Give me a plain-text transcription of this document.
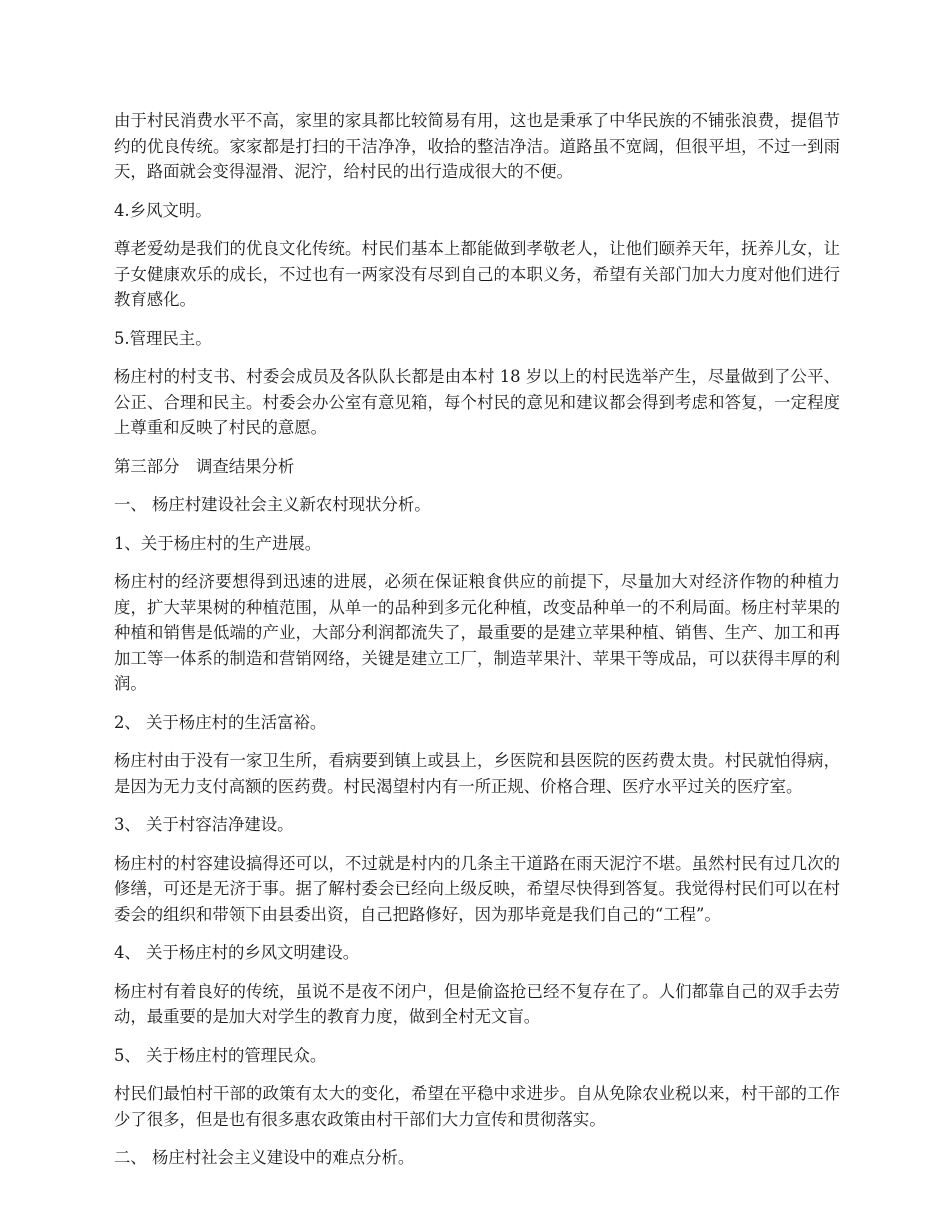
由于村民消费水平不高，家里的家具都比较简易有用，这也是秉承了中华民族的不铺张浪费，提倡节约的优良传统。家家都是打扫的干洁净净，收拾的整洁净洁。道路虽不宽阔，但很平坦，不过一到雨天，路面就会变得湿滑、泥泞，给村民的出行造成很大的不便。

4.乡风文明。

尊老爱幼是我们的优良文化传统。村民们基本上都能做到孝敬老人，让他们颐养天年，抚养儿女，让子女健康欢乐的成长，不过也有一两家没有尽到自己的本职义务，希望有关部门加大力度对他们进行教育感化。

5.管理民主。

杨庄村的村支书、村委会成员及各队队长都是由本村 18 岁以上的村民选举产生，尽量做到了公平、公正、合理和民主。村委会办公室有意见箱，每个村民的意见和建议都会得到考虑和答复，一定程度上尊重和反映了村民的意愿。

第三部分　调查结果分析

一、 杨庄村建设社会主义新农村现状分析。

1、关于杨庄村的生产进展。

杨庄村的经济要想得到迅速的进展，必须在保证粮食供应的前提下，尽量加大对经济作物的种植力度，扩大苹果树的种植范围，从单一的品种到多元化种植，改变品种单一的不利局面。杨庄村苹果的种植和销售是低端的产业，大部分利润都流失了，最重要的是建立苹果种植、销售、生产、加工和再加工等一体系的制造和营销网络，关键是建立工厂，制造苹果汁、苹果干等成品，可以获得丰厚的利润。

2、 关于杨庄村的生活富裕。

杨庄村由于没有一家卫生所，看病要到镇上或县上，乡医院和县医院的医药费太贵。村民就怕得病，是因为无力支付高额的医药费。村民渴望村内有一所正规、价格合理、医疗水平过关的医疗室。

3、 关于村容洁净建设。

杨庄村的村容建设搞得还可以，不过就是村内的几条主干道路在雨天泥泞不堪。虽然村民有过几次的修缮，可还是无济于事。据了解村委会已经向上级反映，希望尽快得到答复。我觉得村民们可以在村委会的组织和带领下由县委出资，自己把路修好，因为那毕竟是我们自己的“工程”。

4、 关于杨庄村的乡风文明建设。

杨庄村有着良好的传统，虽说不是夜不闭户，但是偷盗抢已经不复存在了。人们都靠自己的双手去劳动，最重要的是加大对学生的教育力度，做到全村无文盲。

5、 关于杨庄村的管理民众。

村民们最怕村干部的政策有太大的变化，希望在平稳中求进步。自从免除农业税以来，村干部的工作少了很多，但是也有很多惠农政策由村干部们大力宣传和贯彻落实。

二、 杨庄村社会主义建设中的难点分析。
